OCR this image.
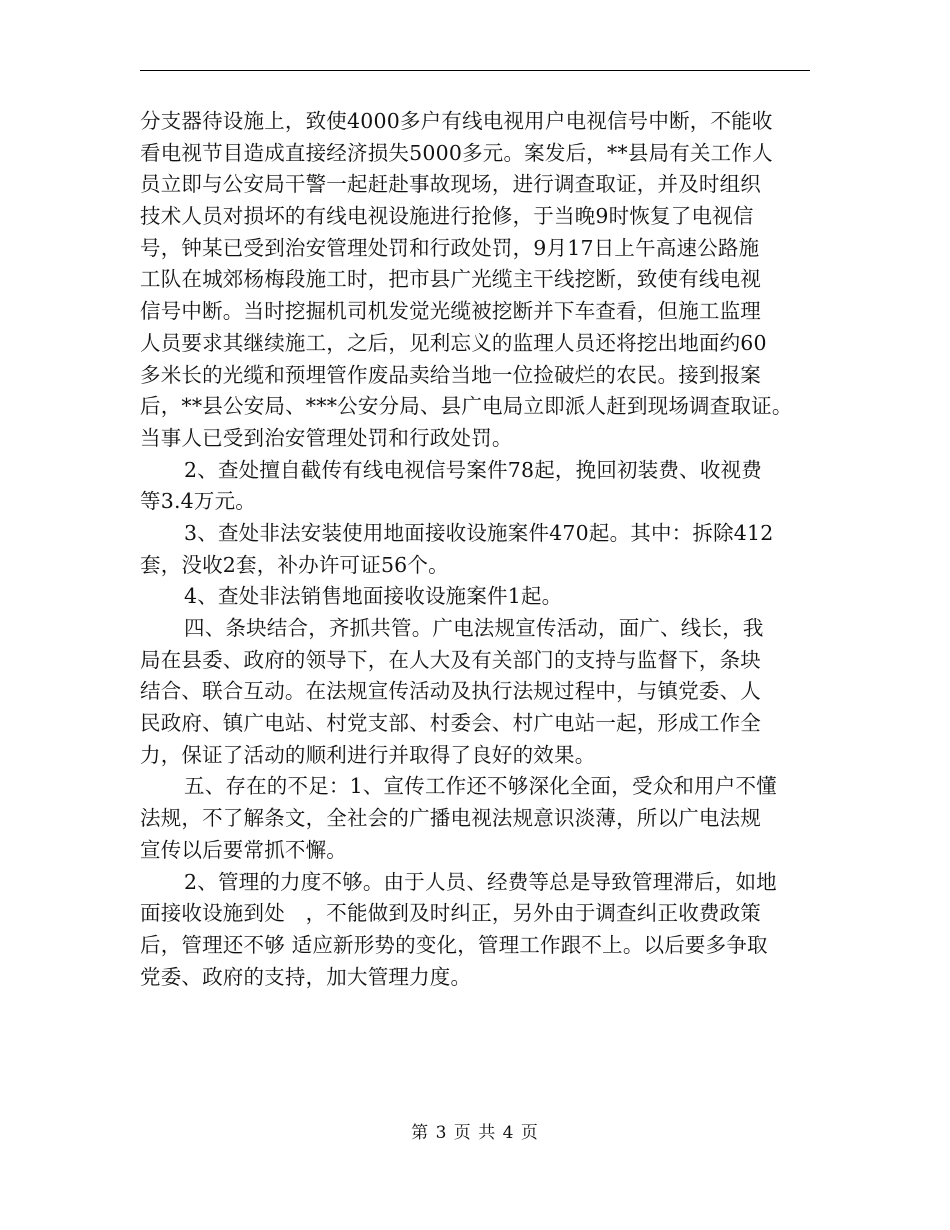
分支器待设施上，致使4000多户有线电视用户电视信号中断，不能收
看电视节目造成直接经济损失5000多元。案发后，**县局有关工作人
员立即与公安局干警一起赶赴事故现场，进行调查取证，并及时组织
技术人员对损坏的有线电视设施进行抢修，于当晚9时恢复了电视信
号，钟某已受到治安管理处罚和行政处罚，9月17日上午高速公路施
工队在城郊杨梅段施工时，把市县广光缆主干线挖断，致使有线电视
信号中断。当时挖掘机司机发觉光缆被挖断并下车查看，但施工监理
人员要求其继续施工，之后，见利忘义的监理人员还将挖出地面约60
多米长的光缆和预埋管作废品卖给当地一位捡破烂的农民。接到报案
后，**县公安局、***公安分局、县广电局立即派人赶到现场调查取证。
当事人已受到治安管理处罚和行政处罚。
2、查处擅自截传有线电视信号案件78起，挽回初装费、收视费
等3.4万元。
3、查处非法安装使用地面接收设施案件470起。其中：拆除412
套，没收2套，补办许可证56个。
4、查处非法销售地面接收设施案件1起。
四、条块结合，齐抓共管。广电法规宣传活动，面广、线长，我
局在县委、政府的领导下，在人大及有关部门的支持与监督下，条块
结合、联合互动。在法规宣传活动及执行法规过程中，与镇党委、人
民政府、镇广电站、村党支部、村委会、村广电站一起，形成工作全
力，保证了活动的顺利进行并取得了良好的效果。
五、存在的不足：1、宣传工作还不够深化全面，受众和用户不懂
法规，不了解条文，全社会的广播电视法规意识淡薄，所以广电法规
宣传以后要常抓不懈。
2、管理的力度不够。由于人员、经费等总是导致管理滞后，如地
面接收设施到处　，不能做到及时纠正，另外由于调查纠正收费政策
后，管理还不够 适应新形势的变化，管理工作跟不上。以后要多争取
党委、政府的支持，加大管理力度。
第 3 页 共 4 页
